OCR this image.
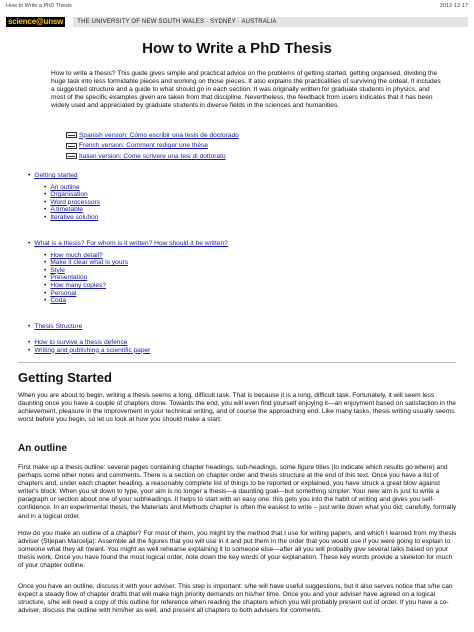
How to Write a PhD Thesis	2012-12-17
science@unsw	THE UNIVERSITY OF NEW SOUTH WALES · SYDNEY · AUSTRALIA
How to Write a PhD Thesis

How to write a thesis? This guide gives simple and practical advice on the problems of getting started, getting organised, dividing the huge task into less formidable pieces and working on those pieces. It also explains the practicalities of surviving the ordeal. It includes a suggested structure and a guide to what should go in each section. It was originally written for graduate students in physics, and most of the specific examples given are taken from that discipline. Nevertheless, the feedback from users indicates that it has been widely used and appreciated by graduate students in diverse fields in the sciences and humanities.

Spanish version: Cómo escribir una tesis de doctorado
French version: Comment rediger une thèse
Italian version: Come scrivere una tesi di dottorato
• Getting started
• An outline
• Organisation
• Word processors
• A timetable
• Iterative solution
• What is a thesis? For whom is it written? How should it be written?
• How much detail?
• Make it clear what is yours
• Style
• Presentation
• How many copies?
• Personal
• Coda
• Thesis Structure
• How to survive a thesis defence
• Writing and publishing a scientific paper
Getting Started

When you are about to begin, writing a thesis seems a long, difficult task. That is because it is a long, difficult task. Fortunately, it will seem less daunting once you have a couple of chapters done. Towards the end, you will even find yourself enjoying it—an enjoyment based on satisfaction in the achievement, pleasure in the improvement in your technical writing, and of course the approaching end. Like many tasks, thesis writing usually seems worst before you begin, so let us look at how you should make a start.

An outline

First make up a thesis outline: several pages containing chapter headings, sub-headings, some figure titles (to indicate which results go where) and perhaps some other notes and comments. There is a section on chapter order and thesis structure at the end of this text. Once you have a list of chapters and, under each chapter heading, a reasonably complete list of things to be reported or explained, you have struck a great blow against writer's block. When you sit down to type, your aim is no longer a thesis—a daunting goal—but something simpler. Your new aim is just to write a paragraph or section about one of your subheadings. It helps to start with an easy one: this gets you into the habit of writing and gives you self-confidence. In an experimental thesis, the Materials and Methods chapter is often the easiest to write – just write down what you did; carefully, formally and in a logical order.

How do you make an outline of a chapter? For most of them, you might try the method that I use for writing papers, and which I learned from my thesis adviser (Stjepan Marcelja): Assemble all the figures that you will use in it and put them in the order that you would use if you were going to explain to someone what they all meant. You might as well rehearse explaining it to someone else—after all you will probably give several talks based on your thesis work. Once you have found the most logical order, note down the key words of your explanation. These key words provide a skeleton for much of your chapter outline.

Once you have an outline, discuss it with your adviser. This step is important: s/he will have useful suggestions, but it also serves notice that s/he can expect a steady flow of chapter drafts that will make high priority demands on his/her time. Once you and your adviser have agreed on a logical structure, s/he will need a copy of this outline for reference when reading the chapters which you will probably present out of order. If you have a co-adviser, discuss the outline with him/her as well, and present all chapters to both advisers for comments.
